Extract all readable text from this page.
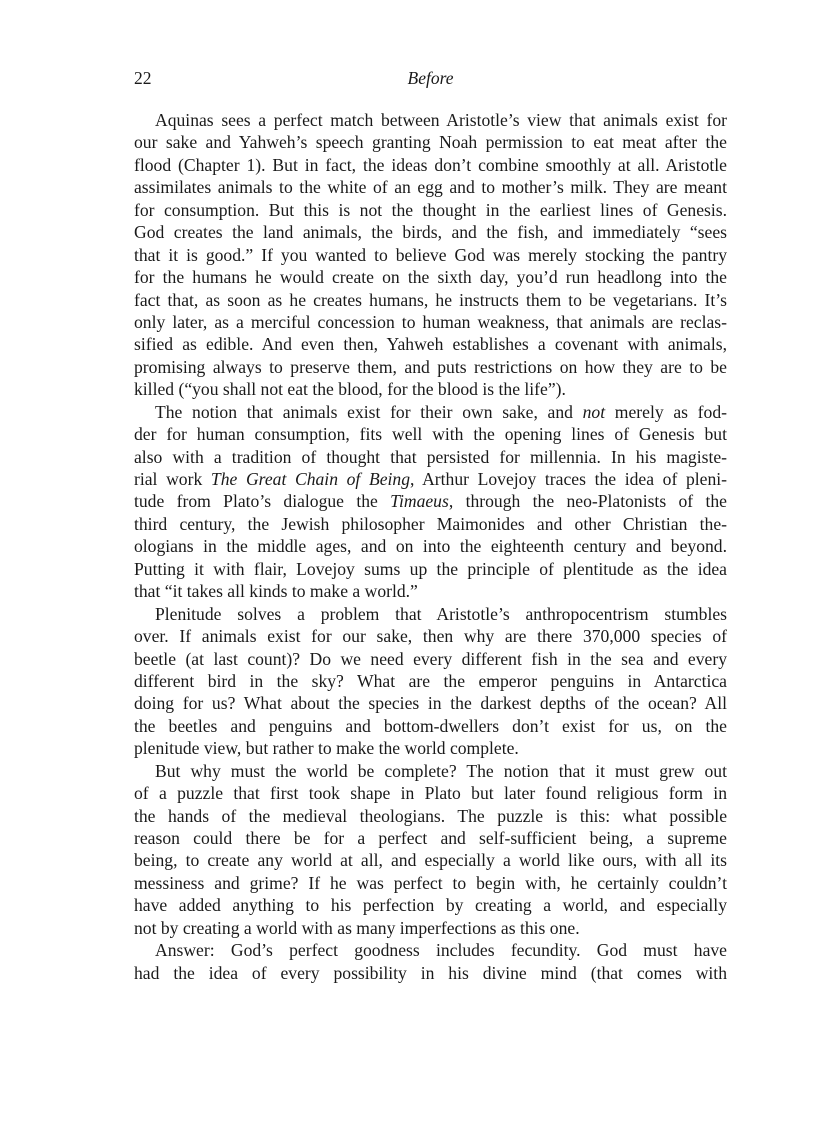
22	Before
Aquinas sees a perfect match between Aristotle’s view that animals exist for
our sake and Yahweh’s speech granting Noah permission to eat meat after the
flood (Chapter 1). But in fact, the ideas don’t combine smoothly at all. Aristotle
assimilates animals to the white of an egg and to mother’s milk. They are meant
for consumption. But this is not the thought in the earliest lines of Genesis.
God creates the land animals, the birds, and the fish, and immediately “sees
that it is good.” If you wanted to believe God was merely stocking the pantry
for the humans he would create on the sixth day, you’d run headlong into the
fact that, as soon as he creates humans, he instructs them to be vegetarians. It’s
only later, as a merciful concession to human weakness, that animals are reclas-
sified as edible. And even then, Yahweh establishes a covenant with animals,
promising always to preserve them, and puts restrictions on how they are to be
killed (“you shall not eat the blood, for the blood is the life”).
The notion that animals exist for their own sake, and not merely as fod-
der for human consumption, fits well with the opening lines of Genesis but
also with a tradition of thought that persisted for millennia. In his magiste-
rial work The Great Chain of Being, Arthur Lovejoy traces the idea of pleni-
tude from Plato’s dialogue the Timaeus, through the neo-Platonists of the
third century, the Jewish philosopher Maimonides and other Christian the-
ologians in the middle ages, and on into the eighteenth century and beyond.
Putting it with flair, Lovejoy sums up the principle of plentitude as the idea
that “it takes all kinds to make a world.”
Plenitude solves a problem that Aristotle’s anthropocentrism stumbles
over. If animals exist for our sake, then why are there 370,000 species of
beetle (at last count)? Do we need every different fish in the sea and every
different bird in the sky? What are the emperor penguins in Antarctica
doing for us? What about the species in the darkest depths of the ocean? All
the beetles and penguins and bottom-dwellers don’t exist for us, on the
plenitude view, but rather to make the world complete.
But why must the world be complete? The notion that it must grew out
of a puzzle that first took shape in Plato but later found religious form in
the hands of the medieval theologians. The puzzle is this: what possible
reason could there be for a perfect and self-sufficient being, a supreme
being, to create any world at all, and especially a world like ours, with all its
messiness and grime? If he was perfect to begin with, he certainly couldn’t
have added anything to his perfection by creating a world, and especially
not by creating a world with as many imperfections as this one.
Answer: God’s perfect goodness includes fecundity. God must have
had the idea of every possibility in his divine mind (that comes with
